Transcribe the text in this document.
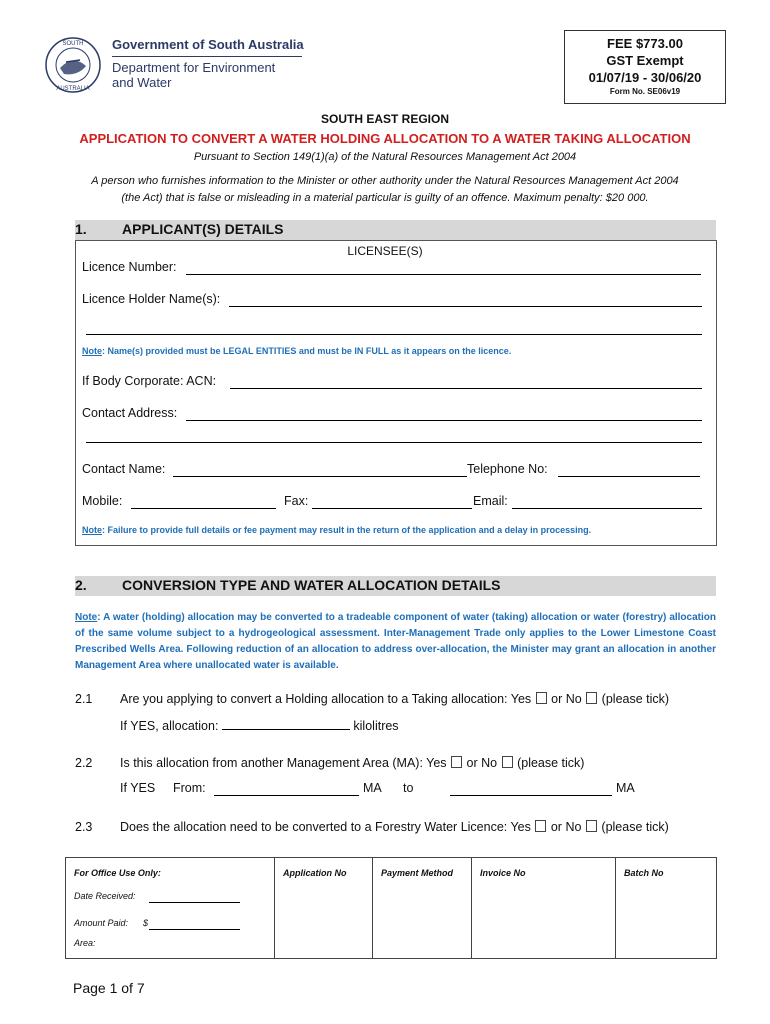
SOUTH
AUSTRALIA
Government of South Australia
Department for Environment
and Water
FEE $773.00
GST Exempt
01/07/19 - 30/06/20
Form No. SE06v19
SOUTH EAST REGION
APPLICATION TO CONVERT A WATER HOLDING ALLOCATION TO A WATER TAKING ALLOCATION
Pursuant to Section 149(1)(a) of the Natural Resources Management Act 2004
A person who furnishes information to the Minister or other authority under the Natural Resources Management Act 2004
(the Act) that is false or misleading in a material particular is guilty of an offence. Maximum penalty: $20 000.
1.	APPLICANT(S) DETAILS
LICENSEE(S)
Licence Number:
Licence Holder Name(s):
Note: Name(s) provided must be LEGAL ENTITIES and must be IN FULL as it appears on the licence.
If Body Corporate: ACN:
Contact Address:
Contact Name:	Telephone No:
Mobile:	Fax:	Email:
Note: Failure to provide full details or fee payment may result in the return of the application and a delay in processing.
2.	CONVERSION TYPE AND WATER ALLOCATION DETAILS
Note: A water (holding) allocation may be converted to a tradeable component of water (taking) allocation or water (forestry) allocation of the same volume subject to a hydrogeological assessment. Inter-Management Trade only applies to the Lower Limestone Coast Prescribed Wells Area. Following reduction of an allocation to address over-allocation, the Minister may grant an allocation in another Management Area where unallocated water is available.
2.1 Are you applying to convert a Holding allocation to a Taking allocation: Yes or No (please tick)
If YES, allocation:	kilolitres
2.2 Is this allocation from another Management Area (MA): Yes or No (please tick)
If YES From:	MA to	MA
2.3 Does the allocation need to be converted to a Forestry Water Licence: Yes or No (please tick)
For Office Use Only:
Date Received:
Amount Paid: $
Area:
Application No	Payment Method	Invoice No	Batch No
Page 1 of 7
